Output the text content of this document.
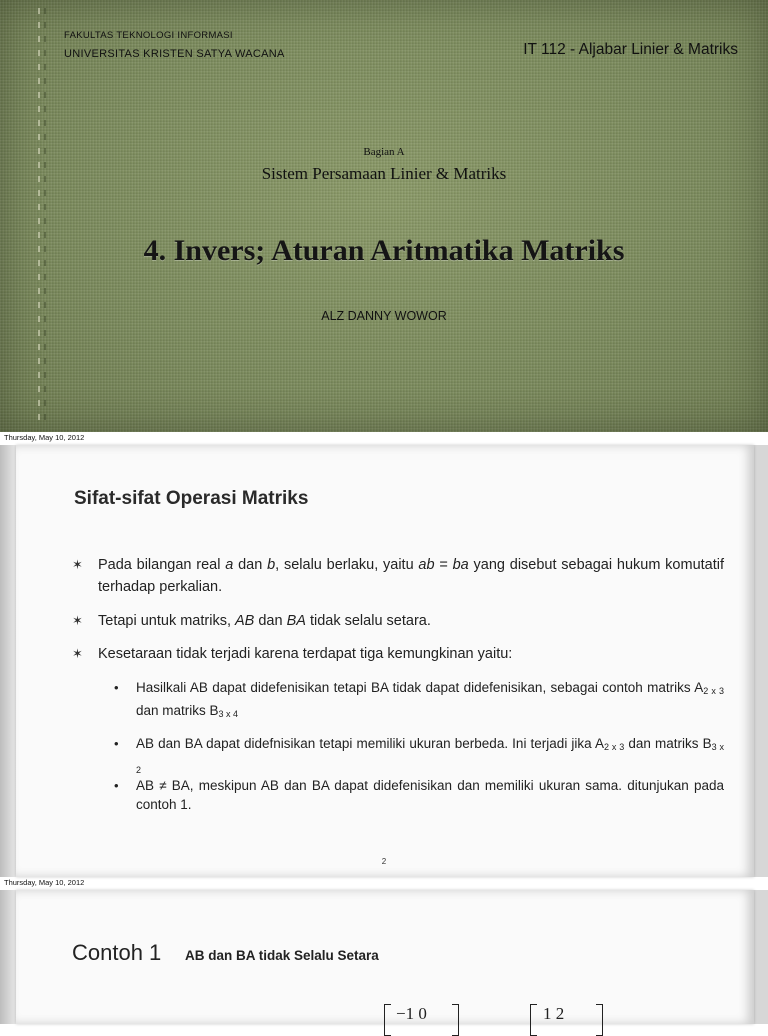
FAKULTAS TEKNOLOGI INFORMASI
UNIVERSITAS KRISTEN SATYA WACANA	IT 112 - Aljabar Linier & Matriks
Bagian A
Sistem Persamaan Linier & Matriks
4. Invers; Aturan Aritmatika Matriks
ALZ DANNY WOWOR
Thursday, May 10, 2012
Sifat-sifat Operasi Matriks
✶	Pada bilangan real a dan b, selalu berlaku, yaitu ab = ba yang disebut sebagai hukum komutatif terhadap perkalian.
✶	Tetapi untuk matriks, AB dan BA tidak selalu setara.
✶	Kesetaraan tidak terjadi karena terdapat tiga kemungkinan yaitu:
• Hasilkali AB dapat didefenisikan tetapi BA tidak dapat didefenisikan, sebagai contoh matriks $A_{2 x 3}$ dan matriks $B_{3 x 4}$
• AB dan BA dapat didefnisikan tetapi memiliki ukuran berbeda. Ini terjadi jika $A_{2 x 3}$ dan matriks $B_{3 x 2}$
• AB ≠ BA, meskipun AB dan BA dapat didefenisikan dan memiliki ukuran sama. ditunjukan pada contoh 1.
2
Thursday, May 10, 2012
Contoh 1 AB dan BA tidak Selalu Setara
−1 0	1 2
